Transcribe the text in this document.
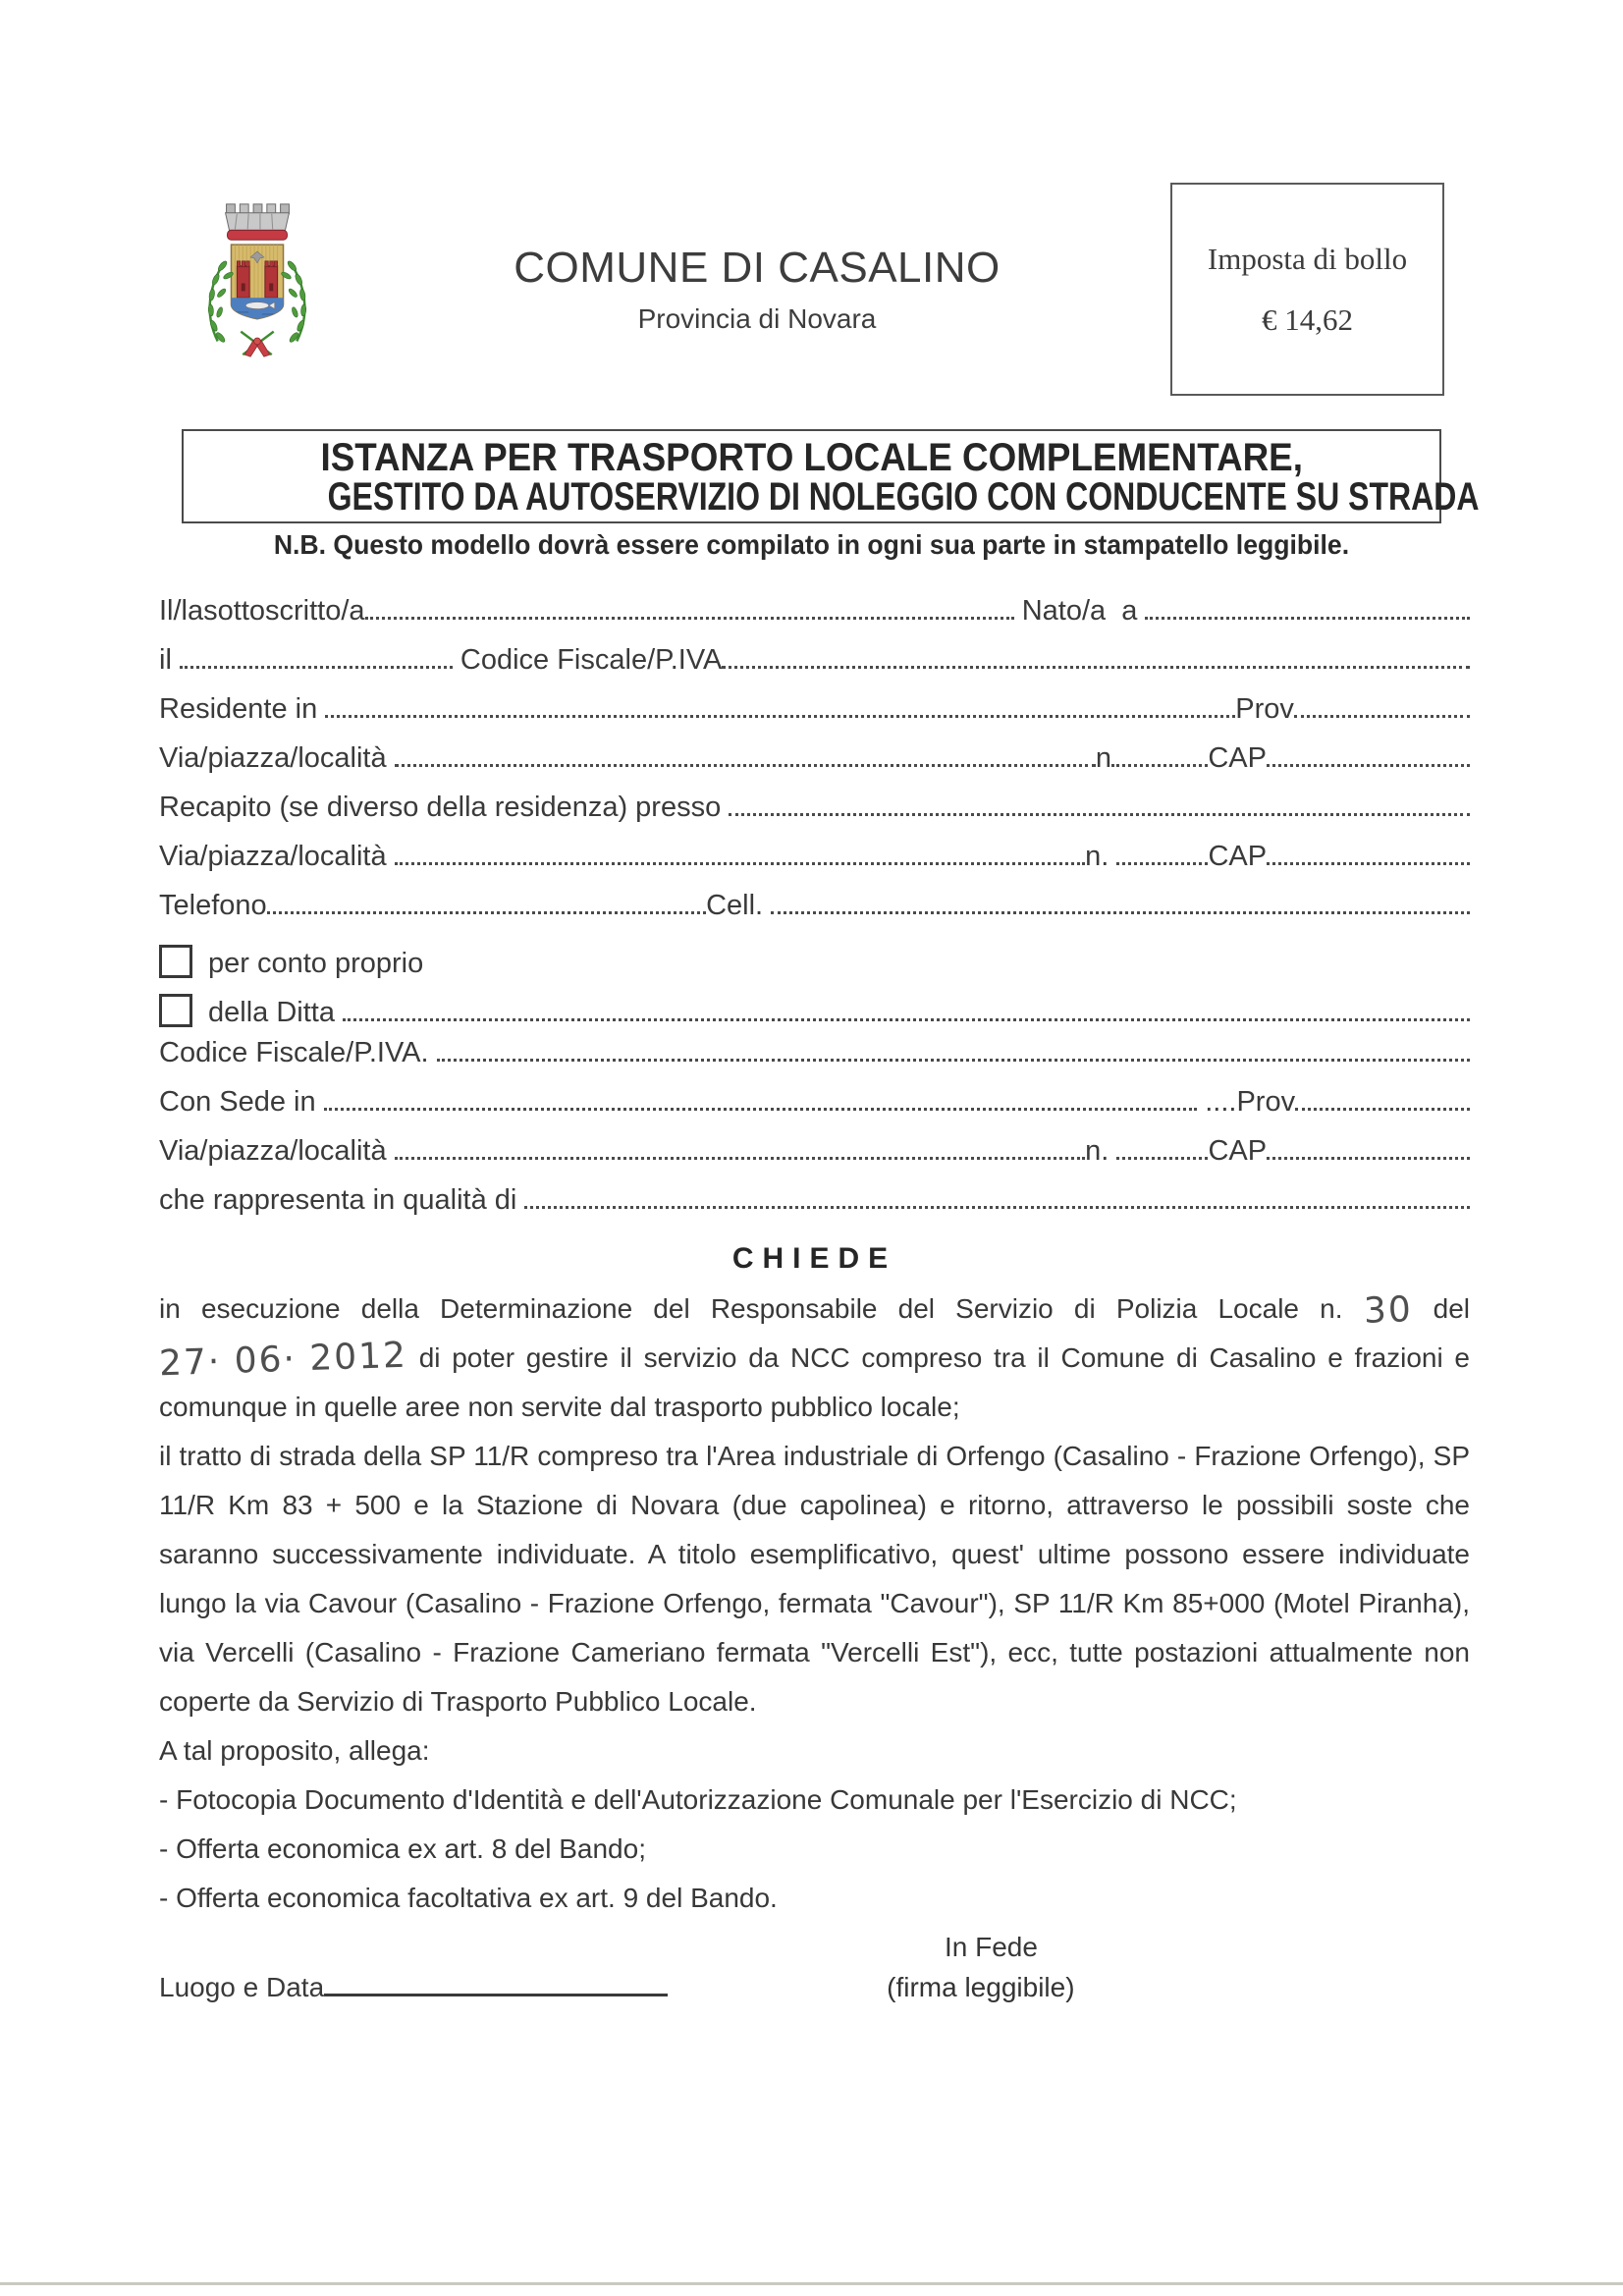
COMUNE DI CASALINO
Provincia di Novara
Imposta di bollo
€ 14,62
ISTANZA PER TRASPORTO LOCALE COMPLEMENTARE,
GESTITO DA AUTOSERVIZIO DI NOLEGGIO CON CONDUCENTE SU STRADA
N.B. Questo modello dovrà essere compilato in ogni sua parte in stampatello leggibile.
Il/lasottoscritto/a	Nato/a  a
il	Codice Fiscale/P.IVA
Residente in	Prov
Via/piazza/località	n	CAP
Recapito (se diverso della residenza) presso
Via/piazza/località	n.	CAP
Telefono	Cell.
per conto proprio
della Ditta
Codice Fiscale/P.IVA.
Con Sede in	....Prov
Via/piazza/località	n.	CAP
che rappresenta in qualità di
CHIEDE
in esecuzione della Determinazione del Responsabile del Servizio di Polizia Locale n. 30 del 27· 06· 2012 di poter gestire il servizio da NCC compreso tra il Comune di Casalino e frazioni e comunque in quelle aree non servite dal trasporto pubblico locale;
il tratto di strada della SP 11/R compreso tra l'Area industriale di Orfengo (Casalino - Frazione Orfengo), SP 11/R Km 83 + 500 e la Stazione di Novara (due capolinea) e ritorno, attraverso le possibili soste che saranno successivamente individuate. A titolo esemplificativo, quest' ultime possono essere individuate lungo la via Cavour (Casalino - Frazione Orfengo, fermata "Cavour"), SP 11/R Km 85+000 (Motel Piranha), via Vercelli (Casalino - Frazione Cameriano fermata "Vercelli Est"), ecc, tutte postazioni attualmente non coperte da Servizio di Trasporto Pubblico Locale.
A tal proposito, allega:
- Fotocopia Documento d'Identità e dell'Autorizzazione Comunale per l'Esercizio di NCC;
- Offerta economica ex art. 8 del Bando;
- Offerta economica facoltativa ex art. 9 del Bando.
In Fede
Luogo e Data	(firma leggibile)
